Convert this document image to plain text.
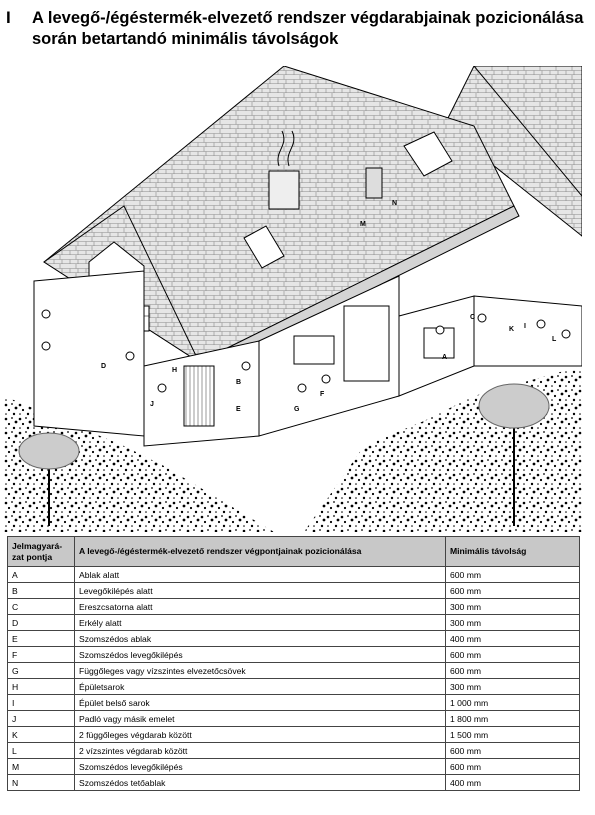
I A levegő-/égéstermék-elvezető rendszer végdarabjainak pozicionálása során betartandó minimális távolságok
A
B
C
D
E
F
G
H
I
J
K
L
M
N
Jelmagyará-zat pontja	A levegő-/égéstermék-elvezető rendszer végpontjainak pozicionálása	Minimális távolság
A	Ablak alatt	600 mm
B	Levegőkilépés alatt	600 mm
C	Ereszcsatorna alatt	300 mm
D	Erkély alatt	300 mm
E	Szomszédos ablak	400 mm
F	Szomszédos levegőkilépés	600 mm
G	Függőleges vagy vízszintes elvezetőcsövek	600 mm
H	Épületsarok	300 mm
I	Épület belső sarok	1 000 mm
J	Padló vagy másik emelet	1 800 mm
K	2 függőleges végdarab között	1 500 mm
L	2 vízszintes végdarab között	600 mm
M	Szomszédos levegőkilépés	600 mm
N	Szomszédos tetőablak	400 mm
